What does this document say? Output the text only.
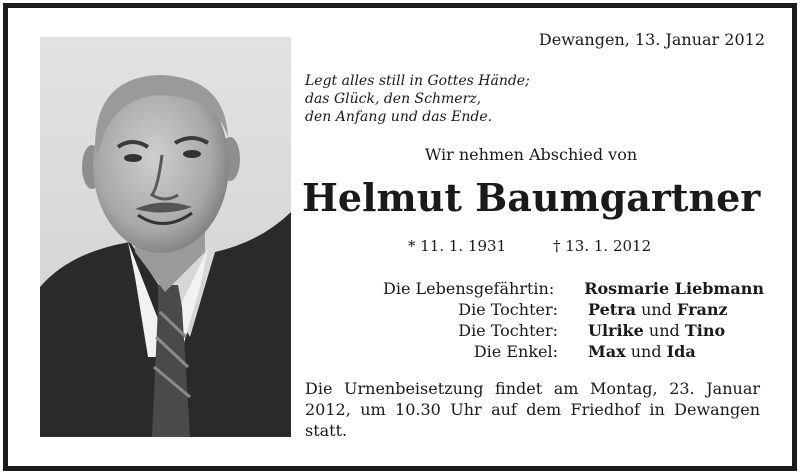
Dewangen, 13. Januar 2012
Legt alles still in Gottes Hände;
das Glück, den Schmerz,
den Anfang und das Ende.
Wir nehmen Abschied von
Helmut Baumgartner
* 11. 1. 1931	† 13. 1. 2012
Die Lebensgefährtin: Rosmarie Liebmann
Die Tochter: Petra und Franz
Die Tochter: Ulrike und Tino
Die Enkel: Max und Ida
Die Urnenbeisetzung findet am Montag, 23. Januar 2012, um 10.30 Uhr auf dem Friedhof in Dewangen statt.
